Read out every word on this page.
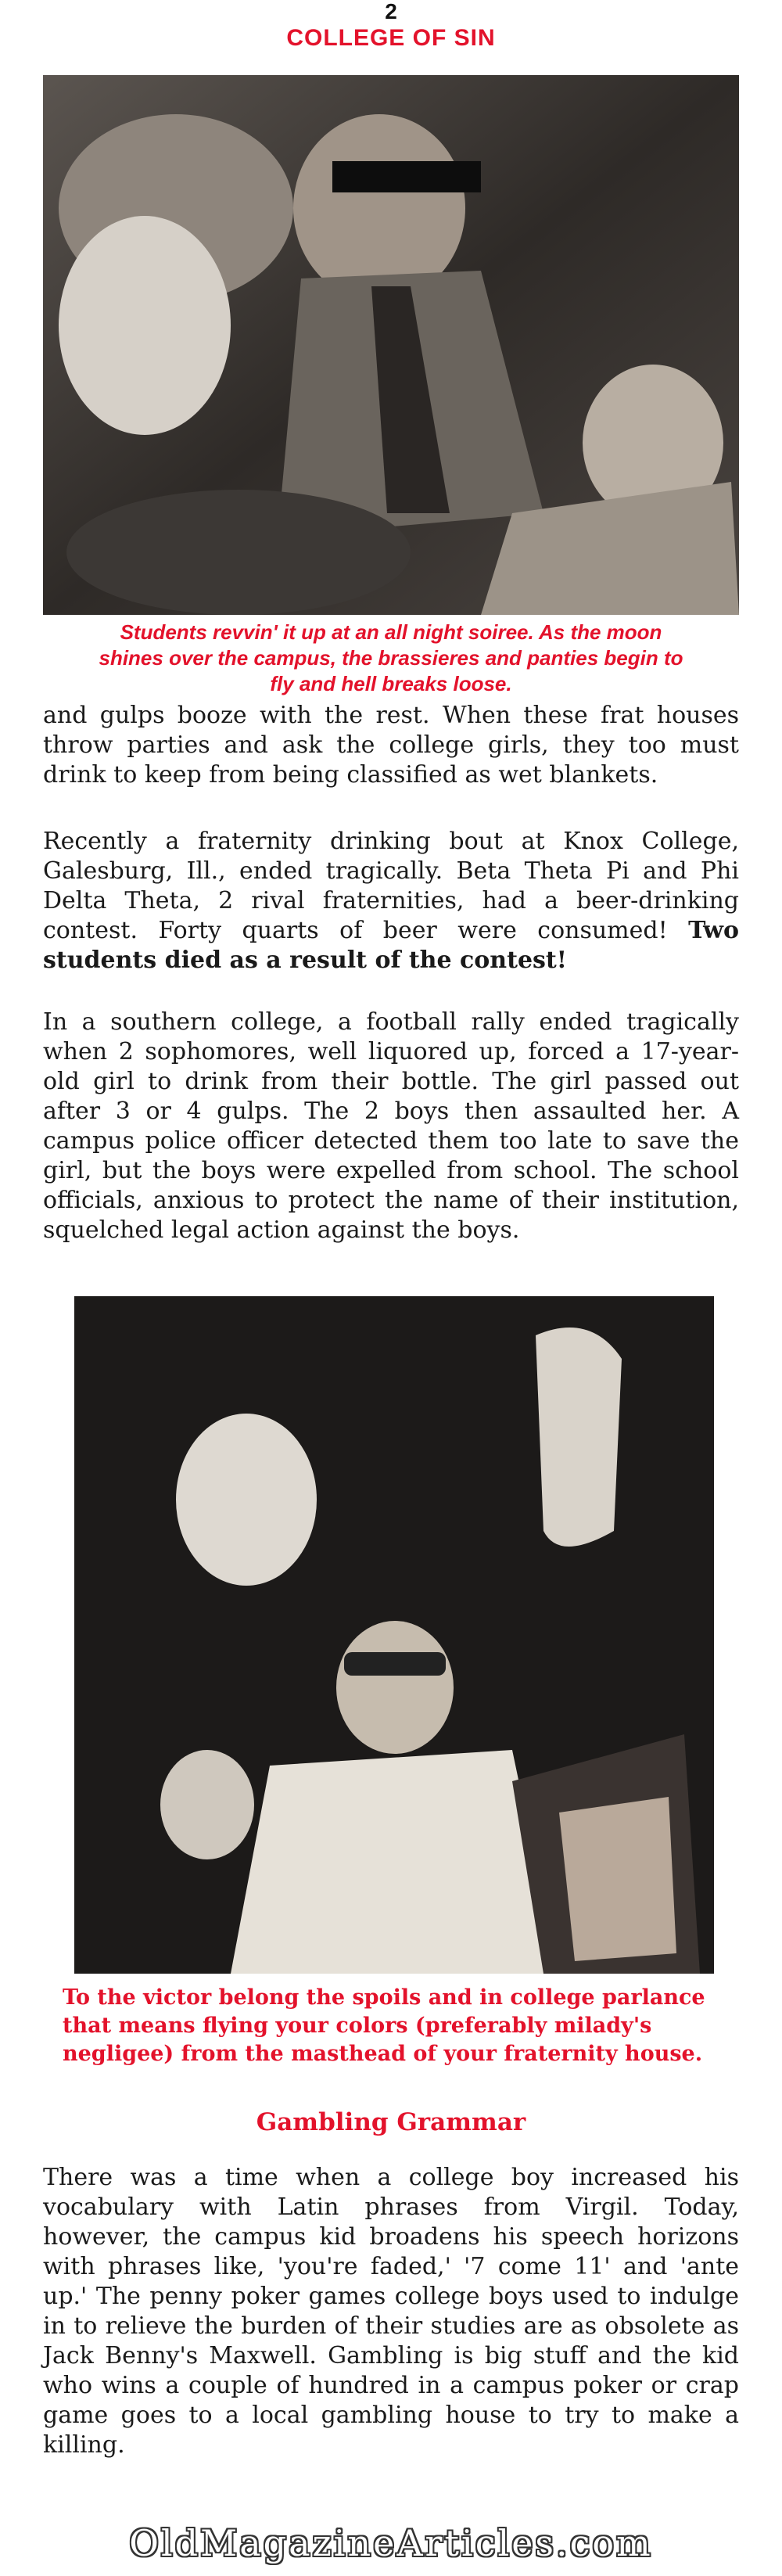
2
COLLEGE OF SIN
Students revvin' it up at an all night soiree. As the moon shines over the campus, the brassieres and panties begin to fly and hell breaks loose.

and gulps booze with the rest. When these frat houses throw parties and ask the college girls, they too must drink to keep from being classified as wet blankets.

Recently a fraternity drinking bout at Knox College, Galesburg, Ill., ended tragically. Beta Theta Pi and Phi Delta Theta, 2 rival fraternities, had a beer-drinking contest. Forty quarts of beer were consumed! Two students died as a result of the contest!

In a southern college, a football rally ended tragically when 2 sophomores, well liquored up, forced a 17-year-old girl to drink from their bottle. The girl passed out after 3 or 4 gulps. The 2 boys then assaulted her. A campus police officer detected them too late to save the girl, but the boys were expelled from school. The school officials, anxious to protect the name of their institution, squelched legal action against the boys.

To the victor belong the spoils and in college parlance that means flying your colors (preferably milady's negligee) from the masthead of your fraternity house.
Gambling Grammar

There was a time when a college boy increased his vocabulary with Latin phrases from Virgil. Today, however, the campus kid broadens his speech horizons with phrases like, 'you're faded,' '7 come 11' and 'ante up.' The penny poker games college boys used to indulge in to relieve the burden of their studies are as obsolete as Jack Benny's Maxwell. Gambling is big stuff and the kid who wins a couple of hundred in a campus poker or crap game goes to a local gambling house to try to make a killing.

OldMagazineArticles.com
